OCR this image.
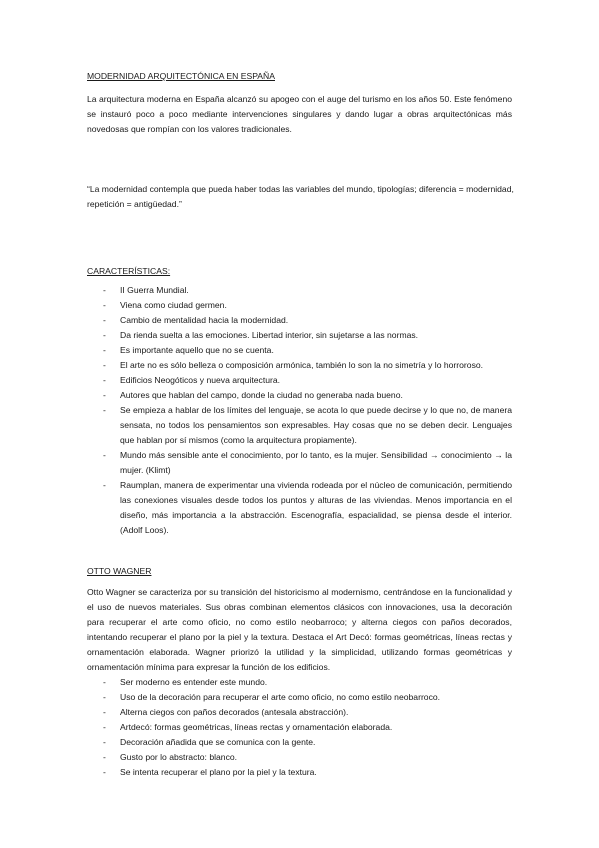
MODERNIDAD ARQUITECTÓNICA EN ESPAÑA
La arquitectura moderna en España alcanzó su apogeo con el auge del turismo en los años 50. Este fenómeno se instauró poco a poco mediante intervenciones singulares y dando lugar a obras arquitectónicas más novedosas que rompían con los valores tradicionales.
“La modernidad contempla que pueda haber todas las variables del mundo, tipologías; diferencia = modernidad, repetición = antigüedad.”
CARACTERÍSTICAS:
- II Guerra Mundial.
- Viena como ciudad germen.
- Cambio de mentalidad hacia la modernidad.
- Da rienda suelta a las emociones. Libertad interior, sin sujetarse a las normas.
- Es importante aquello que no se cuenta.
- El arte no es sólo belleza o composición armónica, también lo son la no simetría y lo horroroso.
- Edificios Neogóticos y nueva arquitectura.
- Autores que hablan del campo, donde la ciudad no generaba nada bueno.
- Se empieza a hablar de los límites del lenguaje, se acota lo que puede decirse y lo que no, de manera sensata, no todos los pensamientos son expresables. Hay cosas que no se deben decir. Lenguajes que hablan por sí mismos (como la arquitectura propiamente).
- Mundo más sensible ante el conocimiento, por lo tanto, es la mujer. Sensibilidad → conocimiento → la mujer. (Klimt)
- Raumplan, manera de experimentar una vivienda rodeada por el núcleo de comunicación, permitiendo las conexiones visuales desde todos los puntos y alturas de las viviendas. Menos importancia en el diseño, más importancia a la abstracción. Escenografía, espacialidad, se piensa desde el interior. (Adolf Loos).
OTTO WAGNER
Otto Wagner se caracteriza por su transición del historicismo al modernismo, centrándose en la funcionalidad y el uso de nuevos materiales. Sus obras combinan elementos clásicos con innovaciones, usa la decoración para recuperar el arte como oficio, no como estilo neobarroco; y alterna ciegos con paños decorados, intentando recuperar el plano por la piel y la textura. Destaca el Art Decó: formas geométricas, líneas rectas y ornamentación elaborada. Wagner priorizó la utilidad y la simplicidad, utilizando formas geométricas y ornamentación mínima para expresar la función de los edificios.
- Ser moderno es entender este mundo.
- Uso de la decoración para recuperar el arte como oficio, no como estilo neobarroco.
- Alterna ciegos con paños decorados (antesala abstracción).
- Artdecó: formas geométricas, líneas rectas y ornamentación elaborada.
- Decoración añadida que se comunica con la gente.
- Gusto por lo abstracto: blanco.
- Se intenta recuperar el plano por la piel y la textura.
